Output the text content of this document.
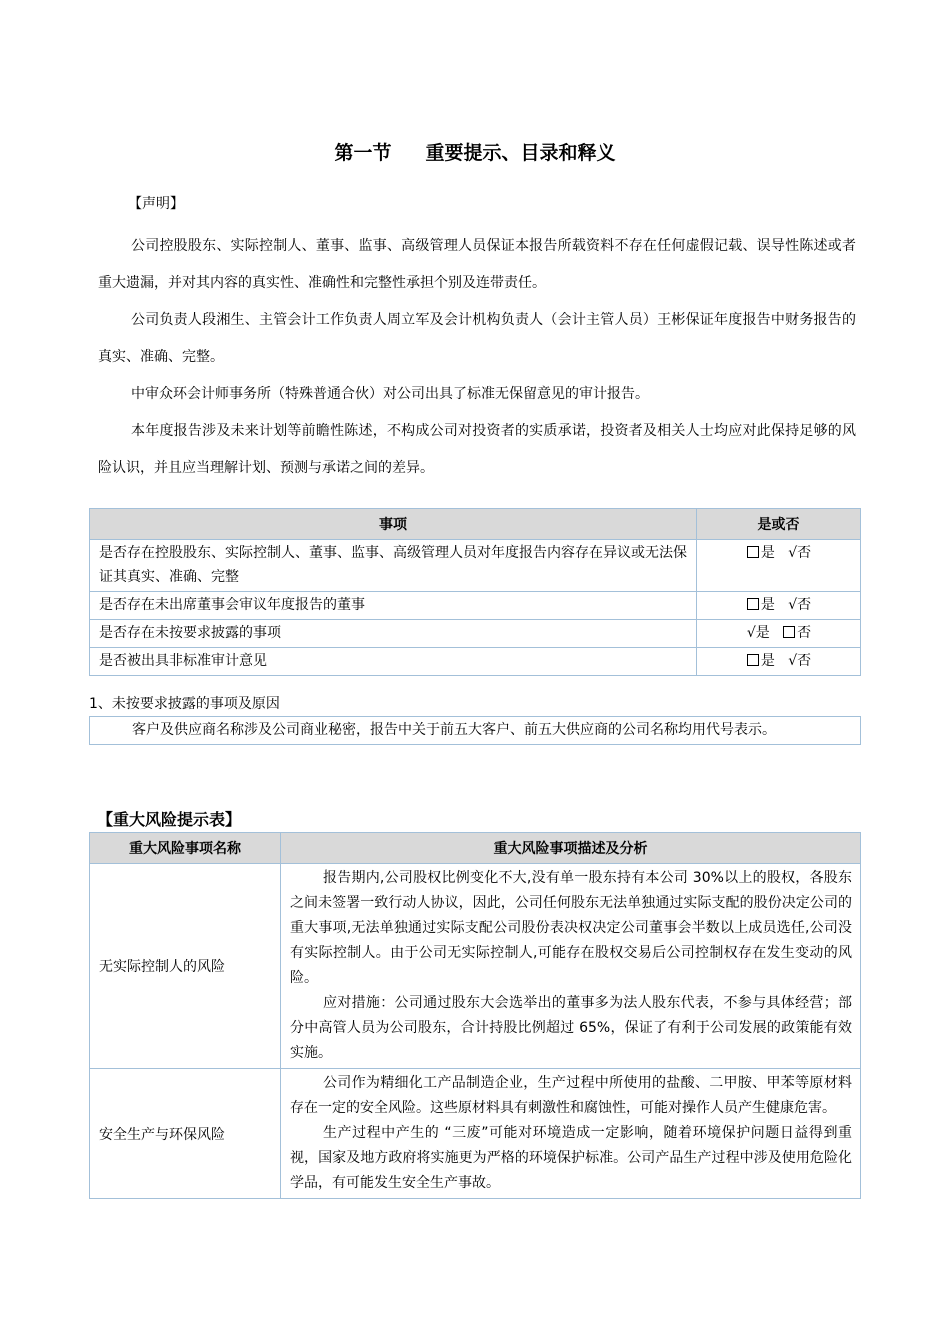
第一节 重要提示、目录和释义
【声明】
公司控股股东、实际控制人、董事、监事、高级管理人员保证本报告所载资料不存在任何虚假记载、误导性陈述或者重大遗漏，并对其内容的真实性、准确性和完整性承担个别及连带责任。
公司负责人段湘生、主管会计工作负责人周立军及会计机构负责人（会计主管人员）王彬保证年度报告中财务报告的真实、准确、完整。
中审众环会计师事务所（特殊普通合伙）对公司出具了标准无保留意见的审计报告。
本年度报告涉及未来计划等前瞻性陈述，不构成公司对投资者的实质承诺，投资者及相关人士均应对此保持足够的风险认识，并且应当理解计划、预测与承诺之间的差异。
事项	是或否
是否存在控股股东、实际控制人、董事、监事、高级管理人员对年度报告内容存在异议或无法保证其真实、准确、完整	是 √否
是否存在未出席董事会审议年度报告的董事	是 √否
是否存在未按要求披露的事项	√是 否
是否被出具非标准审计意见	是 √否
1、未按要求披露的事项及原因
客户及供应商名称涉及公司商业秘密，报告中关于前五大客户、前五大供应商的公司名称均用代号表示。
【重大风险提示表】
重大风险事项名称	重大风险事项描述及分析
无实际控制人的风险	报告期内,公司股权比例变化不大,没有单一股东持有本公司 30%以上的股权，各股东之间未签署一致行动人协议，因此，公司任何股东无法单独通过实际支配的股份决定公司的重大事项,无法单独通过实际支配公司股份表决权决定公司董事会半数以上成员选任,公司没有实际控制人。由于公司无实际控制人,可能存在股权交易后公司控制权存在发生变动的风险。

应对措施：公司通过股东大会选举出的董事多为法人股东代表，不参与具体经营；部分中高管人员为公司股东，合计持股比例超过 65%，保证了有利于公司发展的政策能有效实施。

安全生产与环保风险	公司作为精细化工产品制造企业，生产过程中所使用的盐酸、二甲胺、甲苯等原材料存在一定的安全风险。这些原材料具有刺激性和腐蚀性，可能对操作人员产生健康危害。

生产过程中产生的 “三废”可能对环境造成一定影响，随着环境保护问题日益得到重视，国家及地方政府将实施更为严格的环境保护标准。公司产品生产过程中涉及使用危险化学品，有可能发生安全生产事故。
